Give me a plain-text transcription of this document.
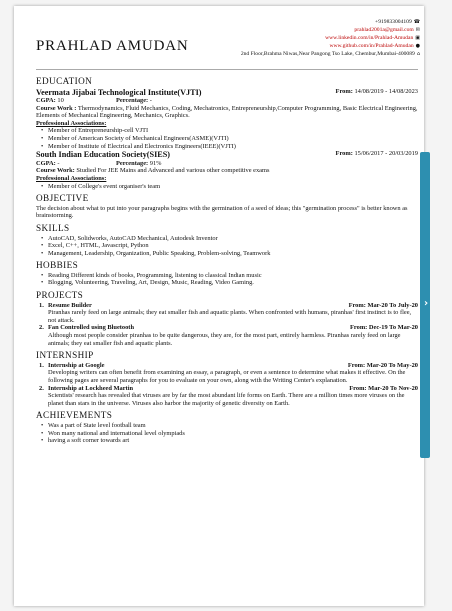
PRAHLAD AMUDAN
+919833004109 ☎
prahlad2001a@gmail.com ✉
www.linkedin.com/in/Prahlad-Amudan ▣
www.github.com/in/Prahlad-Amudan ●
2nd Floor,Brahma Niwas,Near Pangong Tso Lake, Chembur,Mumbai-400089 ⌂
EDUCATION
Veermata Jijabai Technological Institute(VJTI)	From: 14/08/2019 - 14/08/2023
CGPA: 10	Percentage: -
Course Work : Thermodynamics, Fluid Mechanics, Coding, Mechatronics, Entrepreneurship,Computer Programming, Basic Electrical Engineering, Elements of Mechanical Engineering, Mechanics, Graphics.
Professional Associations:
• Member of Entrepreneurship-cell VJTI
• Member of American Society of Mechanical Engineers(ASME)(VJTI)
• Member of Institute of Electrical and Electronics Engineers(IEEE)(VJTI)
South Indian Education Society(SIES)	From: 15/06/2017 - 20/03/2019
CGPA: -	Percentage: 91%
Course Work: Studied For JEE Mains and Advanced and various other competitive exams
Professional Associations:
• Member of College's event organiser's team
OBJECTIVE
The decision about what to put into your paragraphs begins with the germination of a seed of ideas; this "germination process" is better known as brainstorming.
SKILLS
• AutoCAD, Solidworks, AutoCAD Mechanical, Autodesk Inventor
• Excel, C++, HTML, Javascript, Python
• Management, Leadership, Organization, Public Speaking, Problem-solving, Teamwork
HOBBIES
• Reading Different kinds of books, Programming, listening to classical Indian music
• Blogging, Volunteering, Traveling, Art, Design, Music, Reading, Video Gaming.
PROJECTS
1. Resume Builder	From: Mar-20 To July-20
Piranhas rarely feed on large animals; they eat smaller fish and aquatic plants. When confronted with humans, piranhas' first instinct is to flee, not attack.
2. Fan Controlled using Bluetooth	From: Dec-19 To Mar-20
Although most people consider piranhas to be quite dangerous, they are, for the most part, entirely harmless. Piranhas rarely feed on large animals; they eat smaller fish and aquatic plants.
INTERNSHIP
1. Internship at Google	From: Mar-20 To May-20
Developing writers can often benefit from examining an essay, a paragraph, or even a sentence to determine what makes it effective. On the following pages are several paragraphs for you to evaluate on your own, along with the Writing Center's explanation.
2. Internship at Lockheed Martin	From: Mar-20 To Nov-20
Scientists' research has revealed that viruses are by far the most abundant life forms on Earth. There are a million times more viruses on the planet than stars in the universe. Viruses also harbor the majority of genetic diversity on Earth.
ACHIEVEMENTS
• Was a part of State level football team
• Won many national and international level olympiads
• having a soft corner towards art
›
